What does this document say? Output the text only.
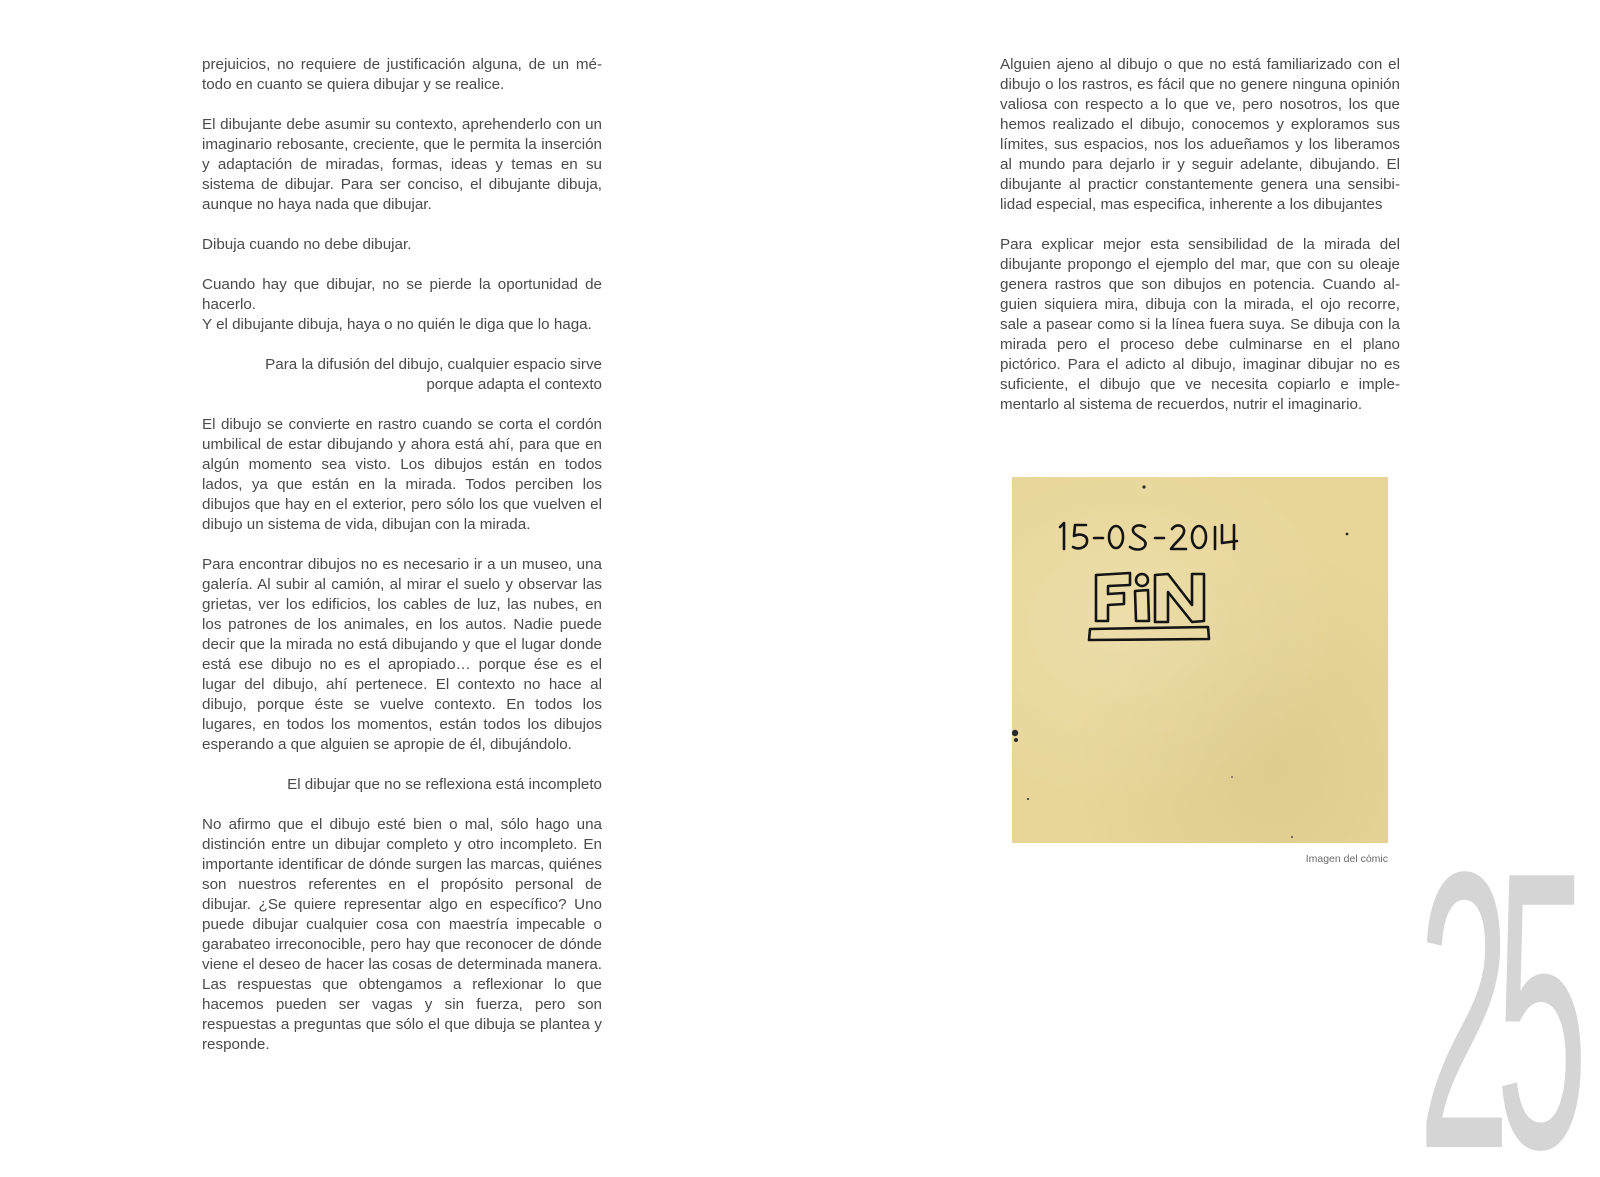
prejuicios, no requiere de justificación alguna, de un método en cuanto se quiera dibujar y se realice.

El dibujante debe asumir su contexto, aprehenderlo con un imaginario rebosante, creciente, que le permita la inserción y adaptación de miradas, formas, ideas y temas en su sistema de dibujar. Para ser conciso, el dibujante dibuja, aunque no haya nada que dibujar.

Dibuja cuando no debe dibujar.

Cuando hay que dibujar, no se pierde la oportunidad de hacerlo.

Y el dibujante dibuja, haya o no quién le diga que lo haga.

Para la difusión del dibujo, cualquier espacio sirve porque adapta el contexto

El dibujo se convierte en rastro cuando se corta el cordón umbilical de estar dibujando y ahora está ahí, para que en algún momento sea visto. Los dibujos están en todos lados, ya que están en la mirada. Todos perciben los dibujos que hay en el exterior, pero sólo los que vuelven el dibujo un sistema de vida, dibujan con la mirada.

Para encontrar dibujos no es necesario ir a un museo, una galería. Al subir al camión, al mirar el suelo y observar las grietas, ver los edificios, los cables de luz, las nubes, en los patrones de los animales, en los autos. Nadie puede decir que la mirada no está dibujando y que el lugar donde está ese dibujo no es el apropiado… porque ése es el lugar del dibujo, ahí pertenece. El contexto no hace al dibujo, porque éste se vuelve contexto. En todos los lugares, en todos los momentos, están todos los dibujos esperando a que alguien se apropie de él, dibujándolo.

El dibujar que no se reflexiona está incompleto

No afirmo que el dibujo esté bien o mal, sólo hago una distinción entre un dibujar completo y otro incompleto. En importante identificar de dónde surgen las marcas, quiénes son nuestros referentes en el propósito personal de dibujar. ¿Se quiere representar algo en específico? Uno puede dibujar cualquier cosa con maestría impecable o garabateo irreconocible, pero hay que reconocer de dónde viene el deseo de hacer las cosas de determinada manera. Las respuestas que obtengamos a reflexionar lo que hacemos pueden ser vagas y sin fuerza, pero son respuestas a preguntas que sólo el que dibuja se plantea y responde.

Alguien ajeno al dibujo o que no está familiarizado con el dibujo o los rastros, es fácil que no genere ninguna opinión valiosa con respecto a lo que ve, pero nosotros, los que hemos realizado el dibujo, conocemos y exploramos sus límites, sus espacios, nos los adueñamos y los liberamos al mundo para dejarlo ir y seguir adelante, dibujando. El dibujante al practicr constantemente genera una sensibilidad especial, mas especifica, inherente a los dibujantes

Para explicar mejor esta sensibilidad de la mirada del dibujante propongo el ejemplo del mar, que con su oleaje genera rastros que son dibujos en potencia. Cuando alguien siquiera mira, dibuja con la mirada, el ojo recorre, sale a pasear como si la línea fuera suya. Se dibuja con la mirada pero el proceso debe culminarse en el plano pictórico. Para el adicto al dibujo, imaginar dibujar no es suficiente, el dibujo que ve necesita copiarlo e implementarlo al sistema de recuerdos, nutrir el imaginario.

Imagen del cómic 25
